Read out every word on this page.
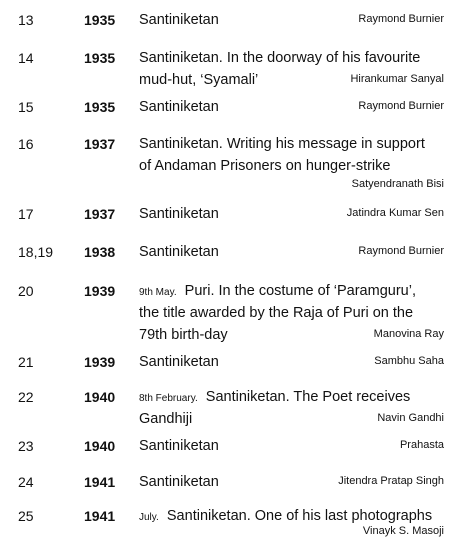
13	1935 Santiniketan	Raymond Burnier
14	1935 Santiniketan. In the doorway of his favourite
mud-hut, ‘Syamali’	Hirankumar Sanyal
15	1935 Santiniketan	Raymond Burnier
16	1937 Santiniketan. Writing his message in support
of Andaman Prisoners on hunger-strike
Satyendranath Bisi
17	1937 Santiniketan	Jatindra Kumar Sen
18,19 1938 Santiniketan	Raymond Burnier
20	1939 9th May. Puri. In the costume of ‘Paramguru’,
the title awarded by the Raja of Puri on the
79th birth-day	Manovina Ray
21	1939 Santiniketan	Sambhu Saha
22	1940 8th February. Santiniketan. The Poet receives
Gandhiji	Navin Gandhi
23	1940 Santiniketan	Prahasta
24	1941 Santiniketan	Jitendra Pratap Singh
25	1941 July. Santiniketan. One of his last photographs
Vinayk S. Masoji
